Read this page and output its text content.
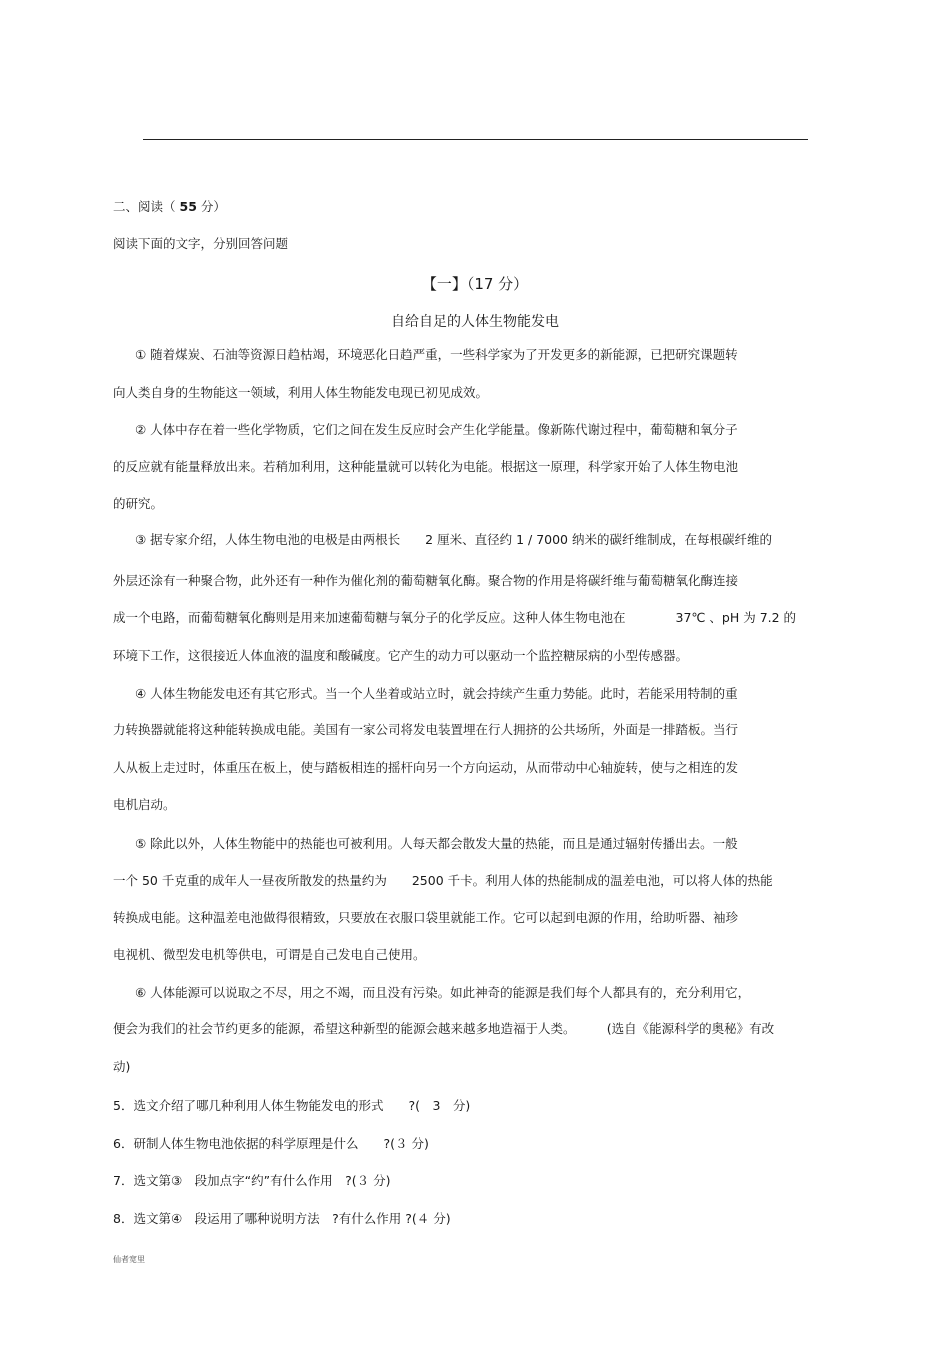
二、阅读（ 55 分）
阅读下面的文字，分别回答问题
【一】（17 分）
自给自足的人体生物能发电
① 随着煤炭、石油等资源日趋枯竭，环境恶化日趋严重，一些科学家为了开发更多的新能源，已把研究课题转
向人类自身的生物能这一领域，利用人体生物能发电现已初见成效。
② 人体中存在着一些化学物质，它们之间在发生反应时会产生化学能量。像新陈代谢过程中，葡萄糖和氧分子
的反应就有能量释放出来。若稍加利用，这种能量就可以转化为电能。根据这一原理，科学家开始了人体生物电池
的研究。
③ 据专家介绍，人体生物电池的电极是由两根长　　2 厘米、直径约 1 / 7000 纳米的碳纤维制成，在每根碳纤维的
外层还涂有一种聚合物，此外还有一种作为催化剂的葡萄糖氧化酶。聚合物的作用是将碳纤维与葡萄糖氧化酶连接
成一个电路，而葡萄糖氧化酶则是用来加速葡萄糖与氧分子的化学反应。这种人体生物电池在　　　　37℃ 、pH 为 7.2 的
环境下工作，这很接近人体血液的温度和酸碱度。它产生的动力可以驱动一个监控糖尿病的小型传感器。
④ 人体生物能发电还有其它形式。当一个人坐着或站立时，就会持续产生重力势能。此时，若能采用特制的重
力转换器就能将这种能转换成电能。美国有一家公司将发电装置埋在行人拥挤的公共场所，外面是一排踏板。当行
人从板上走过时，体重压在板上，使与踏板相连的摇杆向另一个方向运动，从而带动中心轴旋转，使与之相连的发
电机启动。
⑤ 除此以外，人体生物能中的热能也可被利用。人每天都会散发大量的热能，而且是通过辐射传播出去。一般
一个 50 千克重的成年人一昼夜所散发的热量约为　　2500 千卡。利用人体的热能制成的温差电池，可以将人体的热能
转换成电能。这种温差电池做得很精致，只要放在衣服口袋里就能工作。它可以起到电源的作用，给助听器、袖珍
电视机、微型发电机等供电，可谓是自己发电自己使用。
⑥ 人体能源可以说取之不尽，用之不竭，而且没有污染。如此神奇的能源是我们每个人都具有的，充分利用它，
便会为我们的社会节约更多的能源，希望这种新型的能源会越来越多地造福于人类。　　　(选自《能源科学的奥秘》有改
动)
5．选文介绍了哪几种利用人体生物能发电的形式　　?(　3　分)
6．研制人体生物电池依据的科学原理是什么　　?(３ 分)
7．选文第③　段加点字“约”有什么作用　?(３ 分)
8．选文第④　段运用了哪种说明方法　?有什么作用 ?(４ 分)
仙者宽里
